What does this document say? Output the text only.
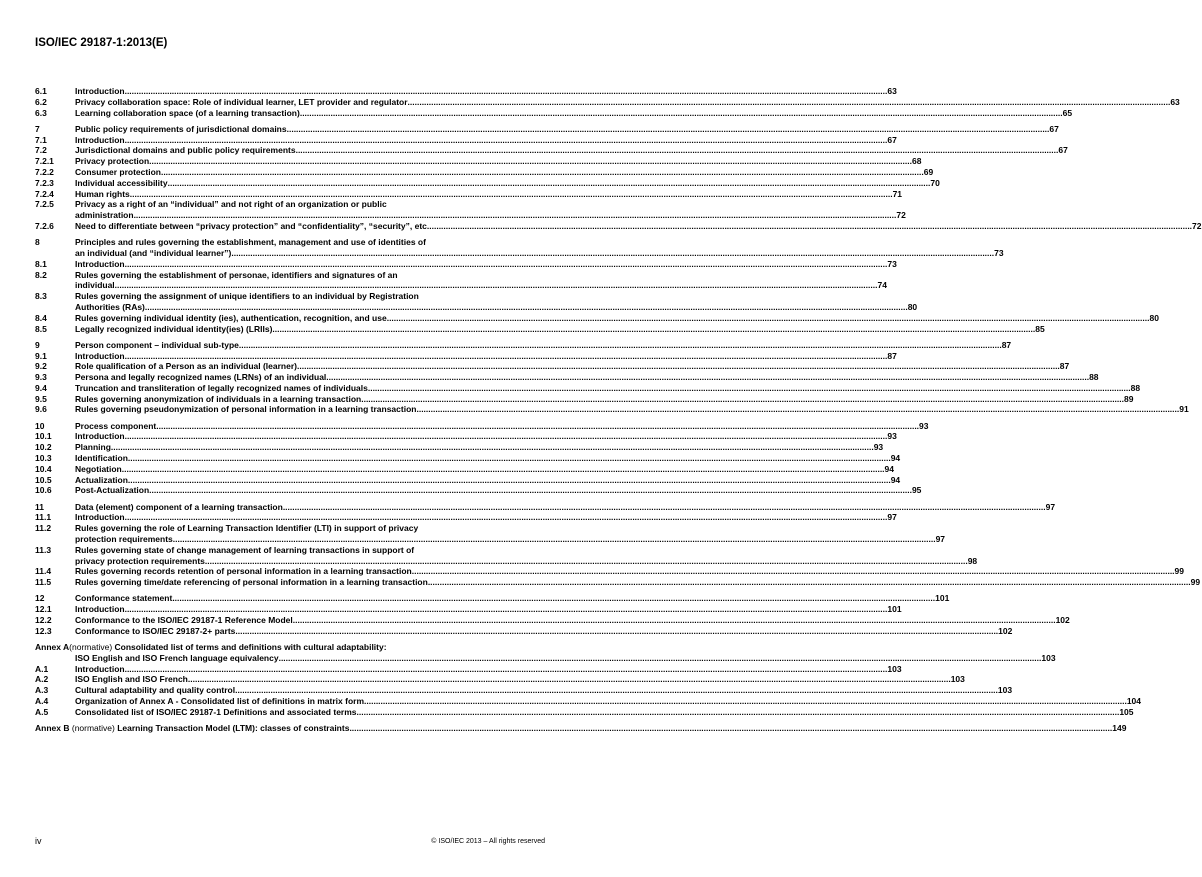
ISO/IEC 29187-1:2013(E)
6.1	Introduction .....	63
6.2	Privacy collaboration space: Role of individual learner, LET provider and regulator .....	63
6.3	Learning collaboration space (of a learning transaction) .....	65
7	Public policy requirements of jurisdictional domains .....	67
7.1	Introduction .....	67
7.2	Jurisdictional domains and public policy requirements .....	67
7.2.1	Privacy protection .....	68
7.2.2	Consumer protection .....	69
7.2.3	Individual accessibility .....	70
7.2.4	Human rights .....	71
7.2.5	Privacy as a right of an “individual” and not right of an organization or public
administration .....	72
7.2.6	Need to differentiate between “privacy protection” and “confidentiality”, “security”, etc. .....	72
8	Principles and rules governing the establishment, management and use of identities of
an individual (and “individual learner”) .....	73
8.1	Introduction .....	73
8.2	Rules governing the establishment of personae, identifiers and signatures of an
individual .....	74
8.3	Rules governing the assignment of unique identifiers to an individual by Registration
Authorities (RAs) .....	80
8.4	Rules governing individual identity (ies), authentication, recognition, and use .....	80
8.5	Legally recognized individual identity(ies) (LRIIs) .....	85
9	Person component – individual sub-type .....	87
9.1	Introduction .....	87
9.2	Role qualification of a Person as an individual (learner) .....	87
9.3	Persona and legally recognized names (LRNs) of an individual .....	88
9.4	Truncation and transliteration of legally recognized names of individuals .....	88
9.5	Rules governing anonymization of individuals in a learning transaction .....	89
9.6	Rules governing pseudonymization of personal information in a learning transaction .....	91
10	Process component .....	93
10.1	Introduction .....	93
10.2	Planning .....	93
10.3	Identification .....	94
10.4	Negotiation .....	94
10.5	Actualization .....	94
10.6	Post-Actualization .....	95
11	Data (element) component of a learning transaction .....	97
11.1	Introduction .....	97
11.2	Rules governing the role of Learning Transaction Identifier (LTI) in support of privacy
protection requirements .....	97
11.3	Rules governing state of change management of learning transactions in support of
privacy protection requirements .....	98
11.4	Rules governing records retention of personal information in a learning transaction .....	99
11.5	Rules governing time/date referencing of personal information in a learning transaction .....	99
12	Conformance statement .....	101
12.1	Introduction .....	101
12.2	Conformance to the ISO/IEC 29187-1 Reference Model .....	102
12.3	Conformance to ISO/IEC 29187-2+ parts .....	102
Annex A (normative)
Consolidated list of terms and definitions with cultural adaptability:
ISO English and ISO French language equivalency .....	103
A.1	Introduction .....	103
A.2	ISO English and ISO French .....	103
A.3	Cultural adaptability and quality control .....	103
A.4	Organization of Annex A - Consolidated list of definitions in matrix form .....	104
A.5	Consolidated list of ISO/IEC 29187-1 Definitions and associated terms .....	105
Annex B
(normative)
Learning Transaction Model (LTM): classes of constraints .....	149
iv	© ISO/IEC 2013 – All rights reserved
